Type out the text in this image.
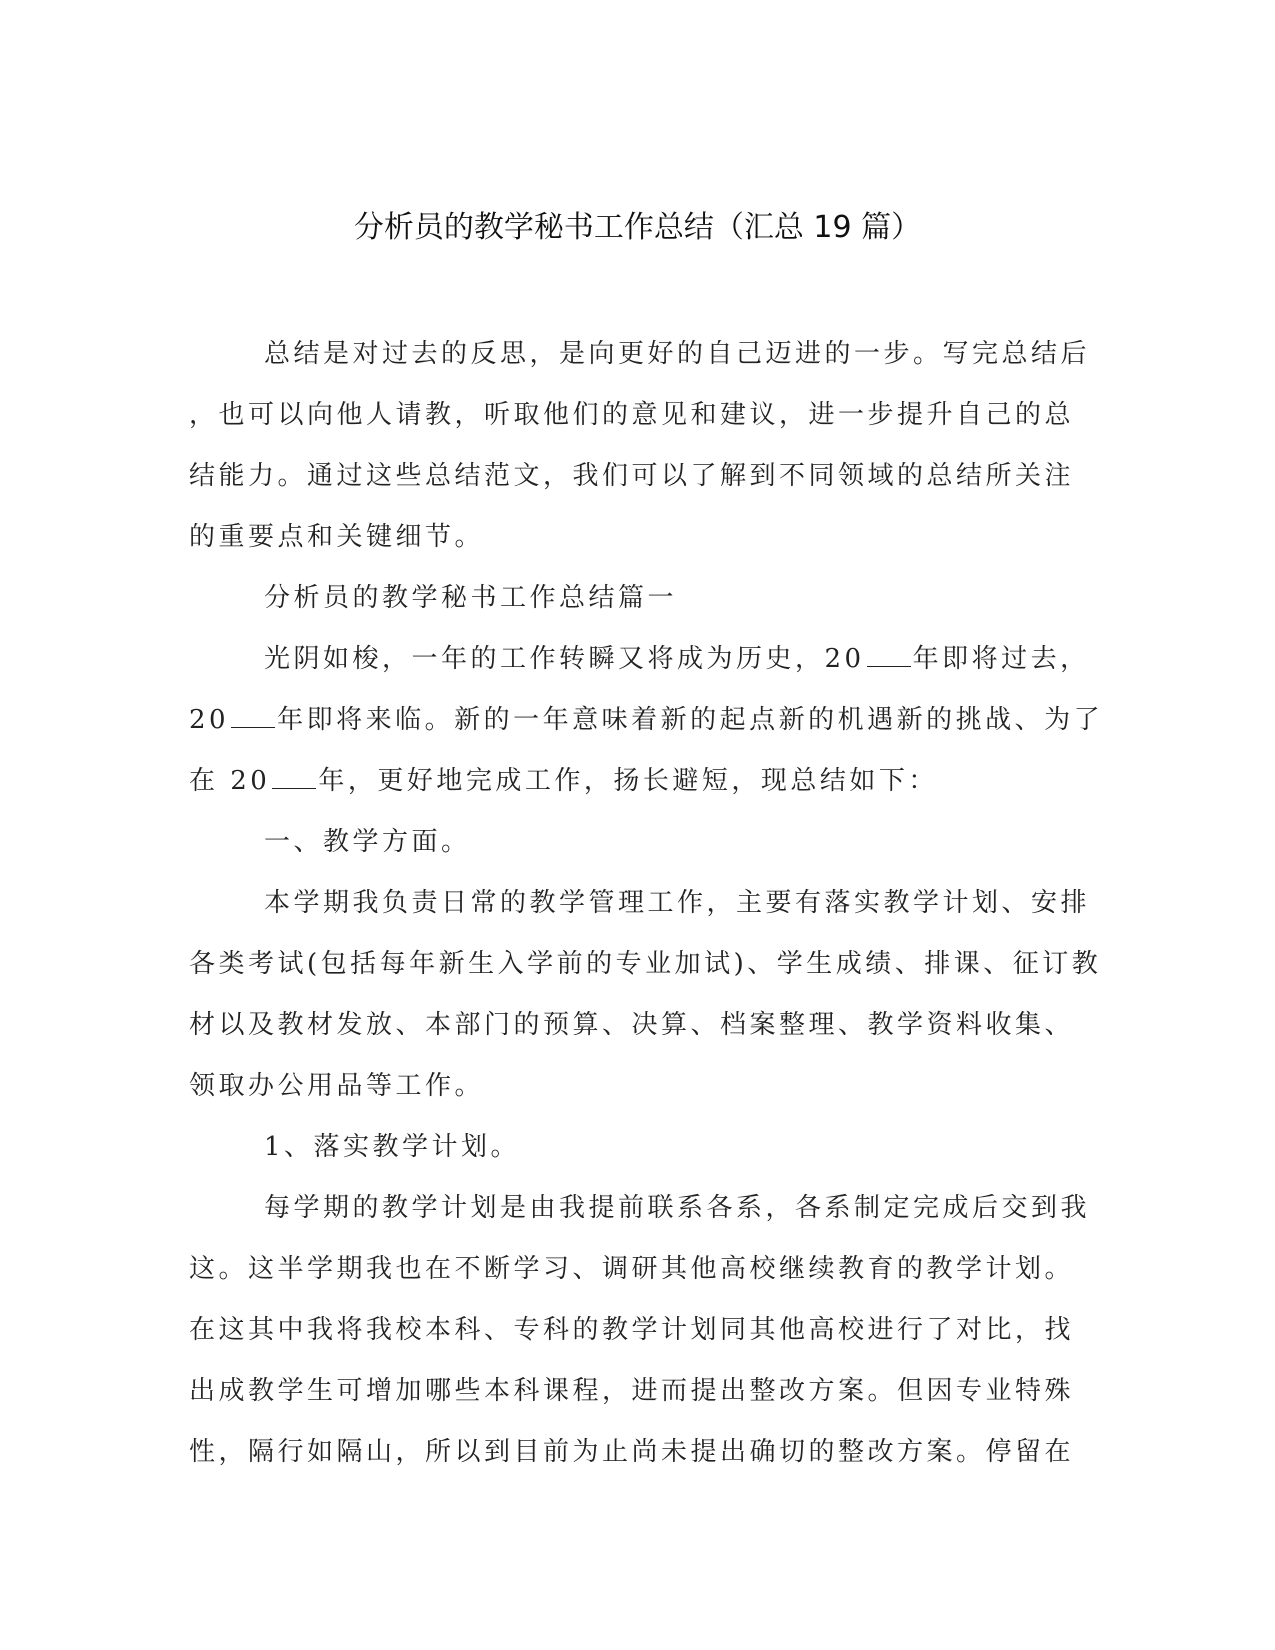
分析员的教学秘书工作总结（汇总 19 篇）
总结是对过去的反思，是向更好的自己迈进的一步。写完总结后
，也可以向他人请教，听取他们的意见和建议，进一步提升自己的总
结能力。通过这些总结范文，我们可以了解到不同领域的总结所关注
的重要点和关键细节。
分析员的教学秘书工作总结篇一
光阴如梭，一年的工作转瞬又将成为历史，20 年即将过去，
20 年即将来临。新的一年意味着新的起点新的机遇新的挑战、为了
在 20 年，更好地完成工作，扬长避短，现总结如下：
一、教学方面。
本学期我负责日常的教学管理工作，主要有落实教学计划、安排
各类考试(包括每年新生入学前的专业加试)、学生成绩、排课、征订教
材以及教材发放、本部门的预算、决算、档案整理、教学资料收集、
领取办公用品等工作。
1、落实教学计划。
每学期的教学计划是由我提前联系各系，各系制定完成后交到我
这。这半学期我也在不断学习、调研其他高校继续教育的教学计划。
在这其中我将我校本科、专科的教学计划同其他高校进行了对比，找
出成教学生可增加哪些本科课程，进而提出整改方案。但因专业特殊
性，隔行如隔山，所以到目前为止尚未提出确切的整改方案。停留在
